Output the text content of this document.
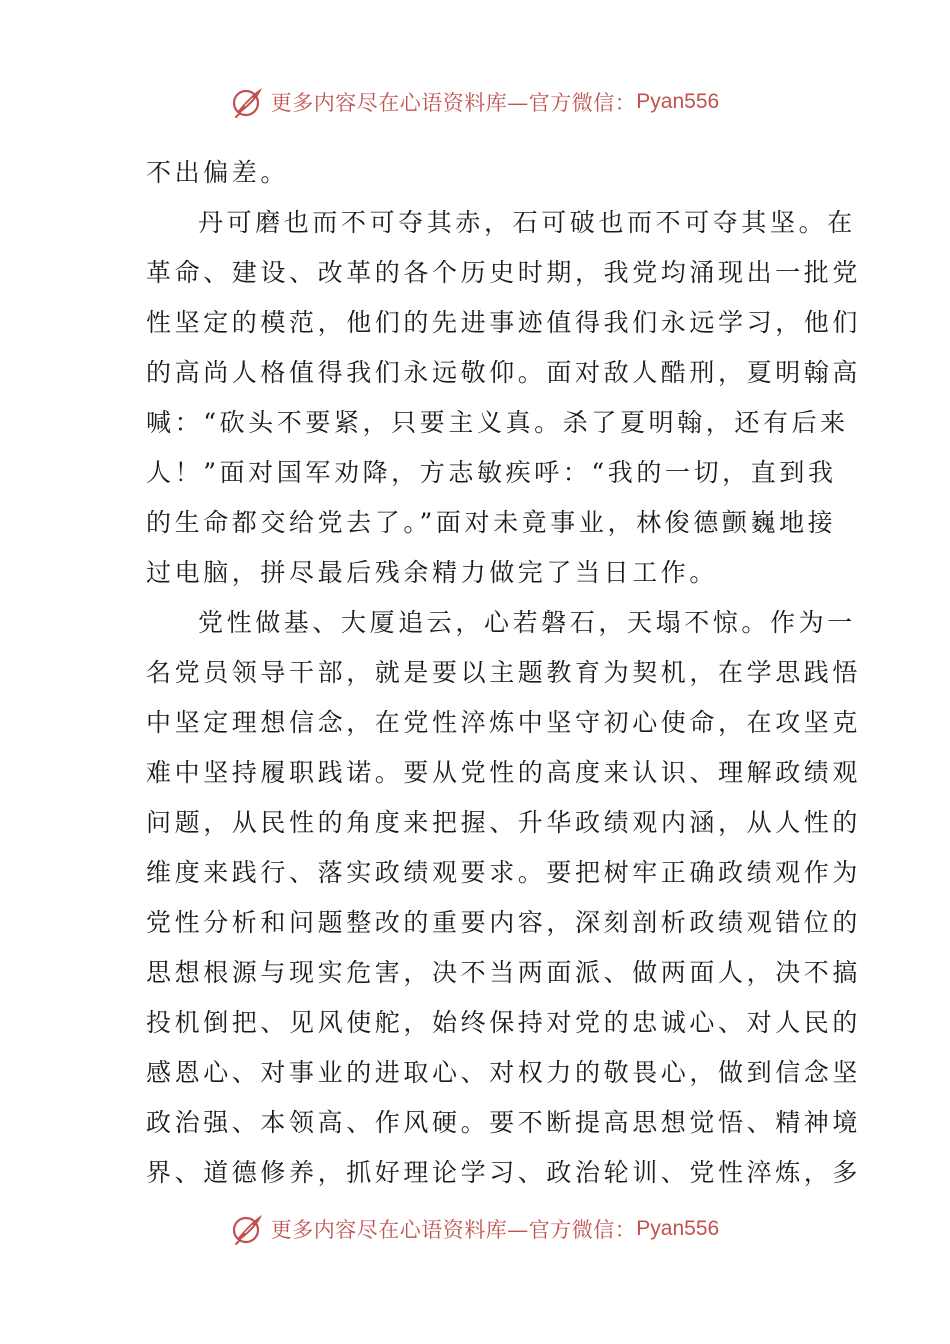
更多内容尽在心语资料库—官方微信： Pyan556
不出偏差。
丹可磨也而不可夺其赤，石可破也而不可夺其坚。在
革命、建设、改革的各个历史时期，我党均涌现出一批党
性坚定的模范，他们的先进事迹值得我们永远学习，他们
的高尚人格值得我们永远敬仰。面对敌人酷刑，夏明翰高
喊：“砍头不要紧，只要主义真。杀了夏明翰，还有后来
人！”面对国军劝降，方志敏疾呼：“我的一切，直到我
的生命都交给党去了。”面对未竟事业，林俊德颤巍地接
过电脑，拼尽最后残余精力做完了当日工作。
党性做基、大厦追云，心若磐石，天塌不惊。作为一
名党员领导干部，就是要以主题教育为契机，在学思践悟
中坚定理想信念，在党性淬炼中坚守初心使命，在攻坚克
难中坚持履职践诺。要从党性的高度来认识、理解政绩观
问题，从民性的角度来把握、升华政绩观内涵，从人性的
维度来践行、落实政绩观要求。要把树牢正确政绩观作为
党性分析和问题整改的重要内容，深刻剖析政绩观错位的
思想根源与现实危害，决不当两面派、做两面人，决不搞
投机倒把、见风使舵，始终保持对党的忠诚心、对人民的
感恩心、对事业的进取心、对权力的敬畏心，做到信念坚
政治强、本领高、作风硬。要不断提高思想觉悟、精神境
界、道德修养，抓好理论学习、政治轮训、党性淬炼，多
更多内容尽在心语资料库—官方微信： Pyan556
